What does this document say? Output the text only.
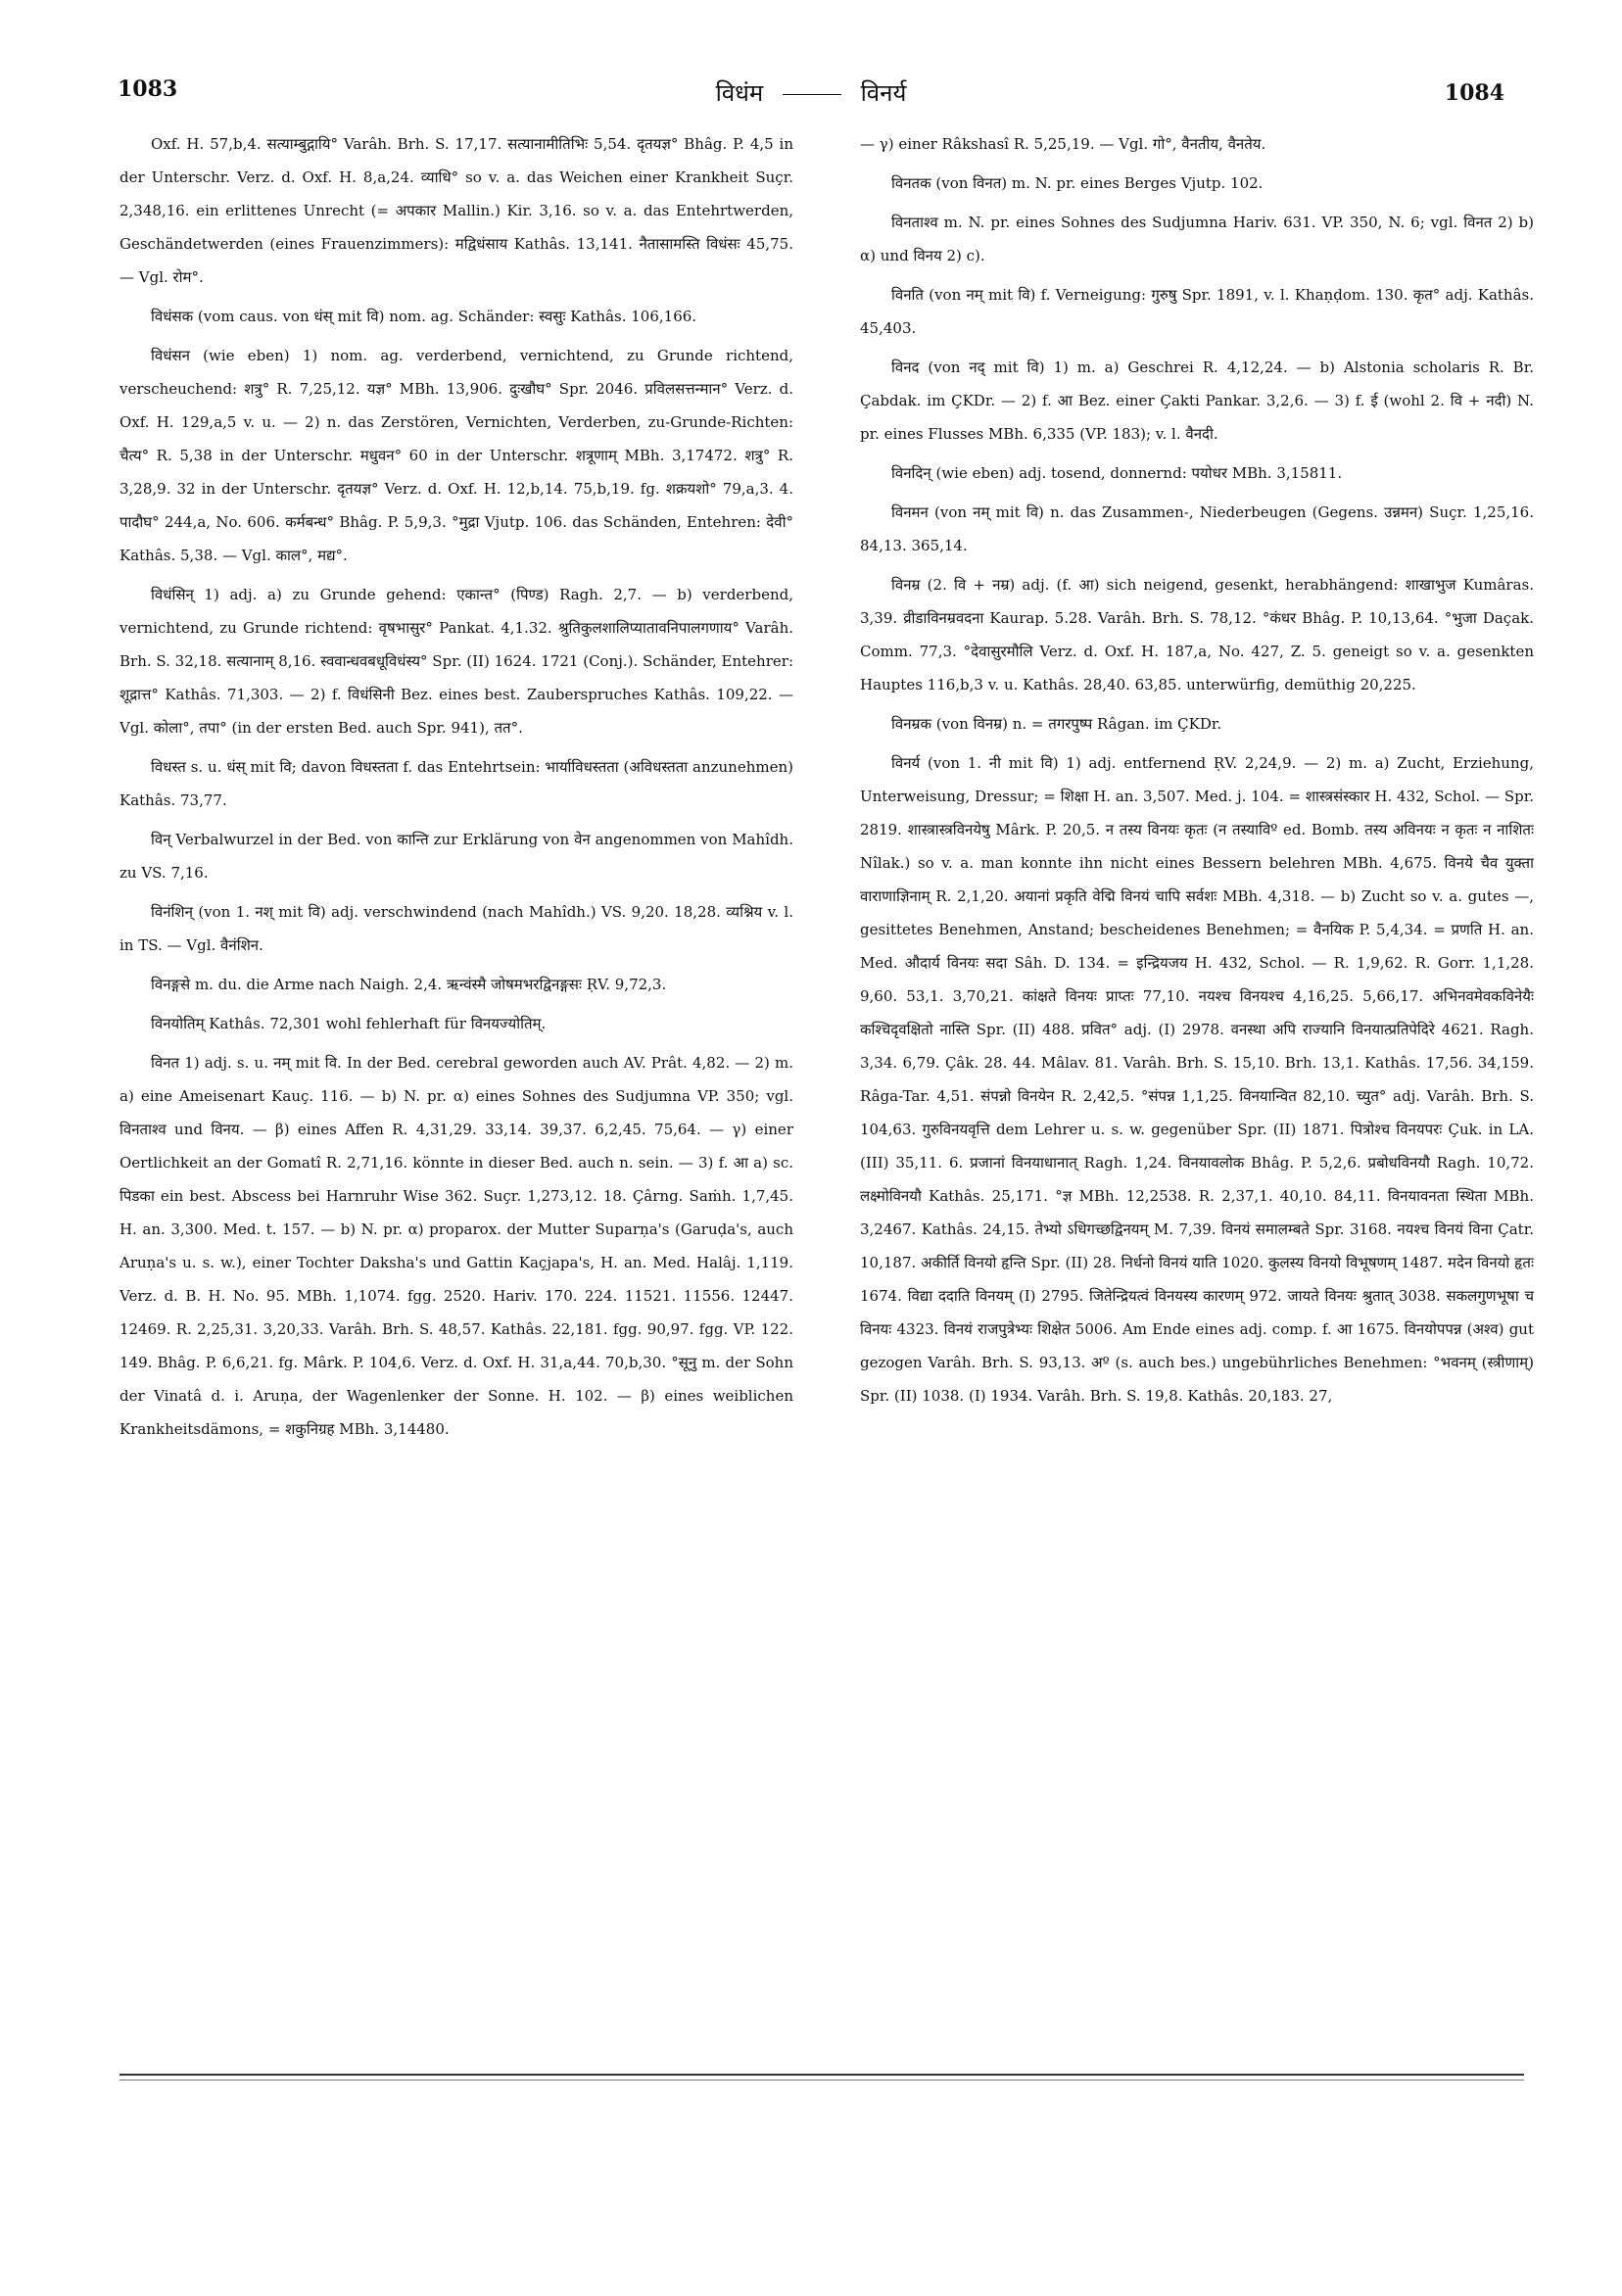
1083	विधंम	विनर्य	1084

Oxf. H. 57,b,4. सत्याम्बुद्गायि° Varâh. Brh. S. 17,17. सत्यानामीतिभिः 5,54. दृतयज्ञ° Bhâg. P. 4,5 in der Unterschr. Verz. d. Oxf. H. 8,a,24. व्याधि° so v. a. das Weichen einer Krankheit Suçr. 2,348,16. ein erlittenes Unrecht (= अपकार Mallin.) Kir. 3,16. so v. a. das Entehrtwerden, Geschändetwerden (eines Frauenzimmers): मद्विधंसाय Kathâs. 13,141. नैतासामस्ति विधंसः 45,75. — Vgl. रोम°.

विधंसक (vom caus. von धंस् mit वि) nom. ag. Schänder: स्वसुः Kathâs. 106,166.

विधंसन (wie eben) 1) nom. ag. verderbend, vernichtend, zu Grunde richtend, verscheuchend: शत्रु° R. 7,25,12. यज्ञ° MBh. 13,906. दुःखौघ° Spr. 2046. प्रविलसत्तन्मान° Verz. d. Oxf. H. 129,a,5 v. u. — 2) n. das Zerstören, Vernichten, Verderben, zu-Grunde-Richten: चैत्य° R. 5,38 in der Unterschr. मधुवन° 60 in der Unterschr. शत्रूणाम् MBh. 3,17472. शत्रु° R. 3,28,9. 32 in der Unterschr. दृतयज्ञ° Verz. d. Oxf. H. 12,b,14. 75,b,19. fg. शक्रयशो° 79,a,3. 4. पादौघ° 244,a, No. 606. कर्मबन्ध° Bhâg. P. 5,9,3. °मुद्रा Vjutp. 106. das Schänden, Entehren: देवी° Kathâs. 5,38. — Vgl. काल°, मद्य°.

विधंसिन् 1) adj. a) zu Grunde gehend: एकान्त° (पिण्ड) Ragh. 2,7. — b) verderbend, vernichtend, zu Grunde richtend: वृषभासुर° Pankat. 4,1.32. श्रुतिकुलशालिप्यातावनिपालगणाय° Varâh. Brh. S. 32,18. सत्यानाम् 8,16. स्ववान्धवबधूविधंस्य° Spr. (II) 1624. 1721 (Conj.). Schänder, Entehrer: शूद्रात्त° Kathâs. 71,303. — 2) f. विधंसिनी Bez. eines best. Zauberspruches Kathâs. 109,22. — Vgl. कोला°, तपा° (in der ersten Bed. auch Spr. 941), तत°.

विधस्त s. u. धंस् mit वि; davon विधस्तता f. das Entehrtsein: भार्याविधस्तता (अविधस्तता anzunehmen) Kathâs. 73,77.

विन् Verbalwurzel in der Bed. von कान्ति zur Erklärung von वेन angenommen von Mahîdh. zu VS. 7,16.

विनंशिन् (von 1. नश् mit वि) adj. verschwindend (nach Mahîdh.) VS. 9,20. 18,28. व्यश्निय v. l. in TS. — Vgl. वैनंशिन.

विनङ्गसे m. du. die Arme nach Naigh. 2,4. ऋन्वंस्मै जोषमभरद्विनङ्गसः ṚV. 9,72,3.

विनयोतिम् Kathâs. 72,301 wohl fehlerhaft für विनयज्योतिम्.

विनत 1) adj. s. u. नम् mit वि. In der Bed. cerebral geworden auch AV. Prât. 4,82. — 2) m. a) eine Ameisenart Kauç. 116. — b) N. pr. α) eines Sohnes des Sudjumna VP. 350; vgl. विनताश्व und विनय. — β) eines Affen R. 4,31,29. 33,14. 39,37. 6,2,45. 75,64. — γ) einer Oertlichkeit an der Gomatî R. 2,71,16. könnte in dieser Bed. auch n. sein. — 3) f. आ a) sc. पिडका ein best. Abscess bei Harnruhr Wise 362. Suçr. 1,273,12. 18. Çârng. Saṁh. 1,7,45. H. an. 3,300. Med. t. 157. — b) N. pr. α) proparox. der Mutter Suparṇa's (Garuḍa's, auch Aruṇa's u. s. w.), einer Tochter Daksha's und Gattin Kaçjapa's, H. an. Med. Halâj. 1,119. Verz. d. B. H. No. 95. MBh. 1,1074. fgg. 2520. Hariv. 170. 224. 11521. 11556. 12447. 12469. R. 2,25,31. 3,20,33. Varâh. Brh. S. 48,57. Kathâs. 22,181. fgg. 90,97. fgg. VP. 122. 149. Bhâg. P. 6,6,21. fg. Mârk. P. 104,6. Verz. d. Oxf. H. 31,a,44. 70,b,30. °सूनु m. der Sohn der Vinatâ d. i. Aruṇa, der Wagenlenker der Sonne. H. 102. — β) eines weiblichen Krankheitsdämons, = शकुनिग्रह MBh. 3,14480.

— γ) einer Râkshasî R. 5,25,19. — Vgl. गो°, वैनतीय, वैनतेय.

विनतक (von विनत) m. N. pr. eines Berges Vjutp. 102.

विनताश्व m. N. pr. eines Sohnes des Sudjumna Hariv. 631. VP. 350, N. 6; vgl. विनत 2) b) α) und विनय 2) c).

विनति (von नम् mit वि) f. Verneigung: गुरुषु Spr. 1891, v. l. Khaṇḍom. 130. कृत° adj. Kathâs. 45,403.

विनद (von नद् mit वि) 1) m. a) Geschrei R. 4,12,24. — b) Alstonia scholaris R. Br. Çabdak. im ÇKDr. — 2) f. आ Bez. einer Çakti Pankar. 3,2,6. — 3) f. ई (wohl 2. वि + नदी) N. pr. eines Flusses MBh. 6,335 (VP. 183); v. l. वैनदी.

विनदिन् (wie eben) adj. tosend, donnernd: पयोधर MBh. 3,15811.

विनमन (von नम् mit वि) n. das Zusammen-, Niederbeugen (Gegens. उन्नमन) Suçr. 1,25,16. 84,13. 365,14.

विनम्र (2. वि + नम्र) adj. (f. आ) sich neigend, gesenkt, herabhängend: शाखाभुज Kumâras. 3,39. व्रीडाविनम्रवदना Kaurap. 5.28. Varâh. Brh. S. 78,12. °कंधर Bhâg. P. 10,13,64. °भुजा Daçak. Comm. 77,3. °देवासुरमौलि Verz. d. Oxf. H. 187,a, No. 427, Z. 5. geneigt so v. a. gesenkten Hauptes 116,b,3 v. u. Kathâs. 28,40. 63,85. unterwürfig, demüthig 20,225.

विनम्रक (von विनम्र) n. = तगरपुष्प Râgan. im ÇKDr.

विनर्य (von 1. नी mit वि) 1) adj. entfernend ṚV. 2,24,9. — 2) m. a) Zucht, Erziehung, Unterweisung, Dressur; = शिक्षा H. an. 3,507. Med. j. 104. = शास्त्रसंस्कार H. 432, Schol. — Spr. 2819. शास्त्रास्त्रविनयेषु Mârk. P. 20,5. न तस्य विनयः कृतः (न तस्याविº ed. Bomb. तस्य अविनयः न कृतः न नाशितः Nîlak.) so v. a. man konnte ihn nicht eines Bessern belehren MBh. 4,675. विनये चैव युक्ता वाराणाज्ञिनाम् R. 2,1,20. अयानां प्रकृति वेद्मि विनयं चापि सर्वशः MBh. 4,318. — b) Zucht so v. a. gutes —, gesittetes Benehmen, Anstand; bescheidenes Benehmen; = वैनयिक P. 5,4,34. = प्रणति H. an. Med. औदार्य विनयः सदा Sâh. D. 134. = इन्द्रियजय H. 432, Schol. — R. 1,9,62. R. Gorr. 1,1,28. 9,60. 53,1. 3,70,21. कांक्षते विनयः प्राप्तः 77,10. नयश्च विनयश्च 4,16,25. 5,66,17. अभिनवमेवकविनेयैः कश्चिदृवक्षितो नास्ति Spr. (II) 488. प्रवित° adj. (I) 2978. वनस्था अपि राज्यानि विनयात्प्रतिपेदिरे 4621. Ragh. 3,34. 6,79. Çâk. 28. 44. Mâlav. 81. Varâh. Brh. S. 15,10. Brh. 13,1. Kathâs. 17,56. 34,159. Râga-Tar. 4,51. संपन्नो विनयेन R. 2,42,5. °संपन्न 1,1,25. विनयान्वित 82,10. च्युत° adj. Varâh. Brh. S. 104,63. गुरुविनयवृत्ति dem Lehrer u. s. w. gegenüber Spr. (II) 1871. पित्रोश्च विनयपरः Çuk. in LA. (III) 35,11. 6. प्रजानां विनयाधानात् Ragh. 1,24. विनयावलोक Bhâg. P. 5,2,6. प्रबोधविनयौ Ragh. 10,72. लक्ष्मोविनयौ Kathâs. 25,171. °ज्ञ MBh. 12,2538. R. 2,37,1. 40,10. 84,11. विनयावनता स्थिता MBh. 3,2467. Kathâs. 24,15. तेभ्यो ऽधिगच्छद्विनयम् M. 7,39. विनयं समालम्बते Spr. 3168. नयश्च विनयं विना Çatr. 10,187. अकीर्ति विनयो हृन्ति Spr. (II) 28. निर्धनो विनयं याति 1020. कुलस्य विनयो विभूषणम् 1487. मदेन विनयो हृतः 1674. विद्या ददाति विनयम् (I) 2795. जितेन्द्रियत्वं विनयस्य कारणम् 972. जायते विनयः श्रुतात् 3038. सकलगुणभूषा च विनयः 4323. विनयं राजपुत्रेभ्यः शिक्षेत 5006. Am Ende eines adj. comp. f. आ 1675. विनयोपपन्न (अश्व) gut gezogen Varâh. Brh. S. 93,13. अº (s. auch bes.) ungebührliches Benehmen: °भवनम् (स्त्रीणाम्) Spr. (II) 1038. (I) 1934. Varâh. Brh. S. 19,8. Kathâs. 20,183. 27,
